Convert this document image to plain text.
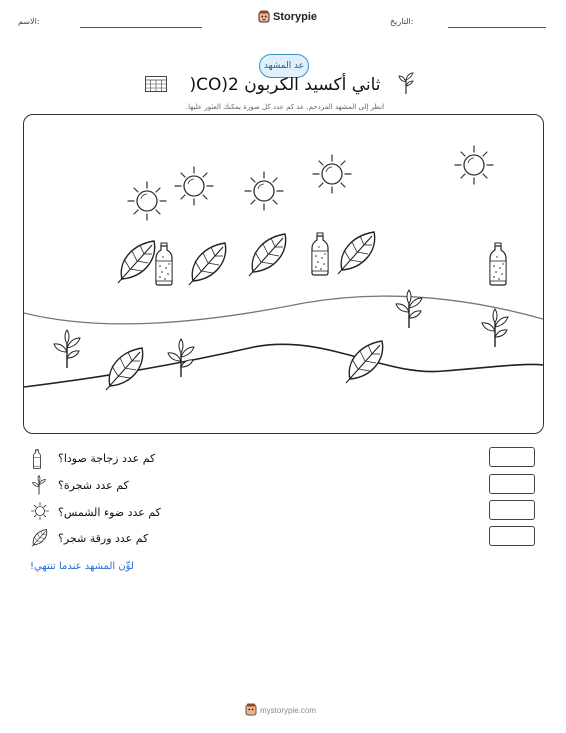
الاسم:	Storypie	التاريخ:
عد المشهد
ثاني أكسيد الكربون CO)2(
انظر إلى المشهد المزدحم. عد كم عدد كل صورة يمكنك العثور عليها.
كم عدد زجاجة صودا؟
كم عدد شجرة؟
كم عدد ضوء الشمس؟
كم عدد ورقة شجر؟
لوِّن المشهد عندما تنتهي!
mystorypie.com
